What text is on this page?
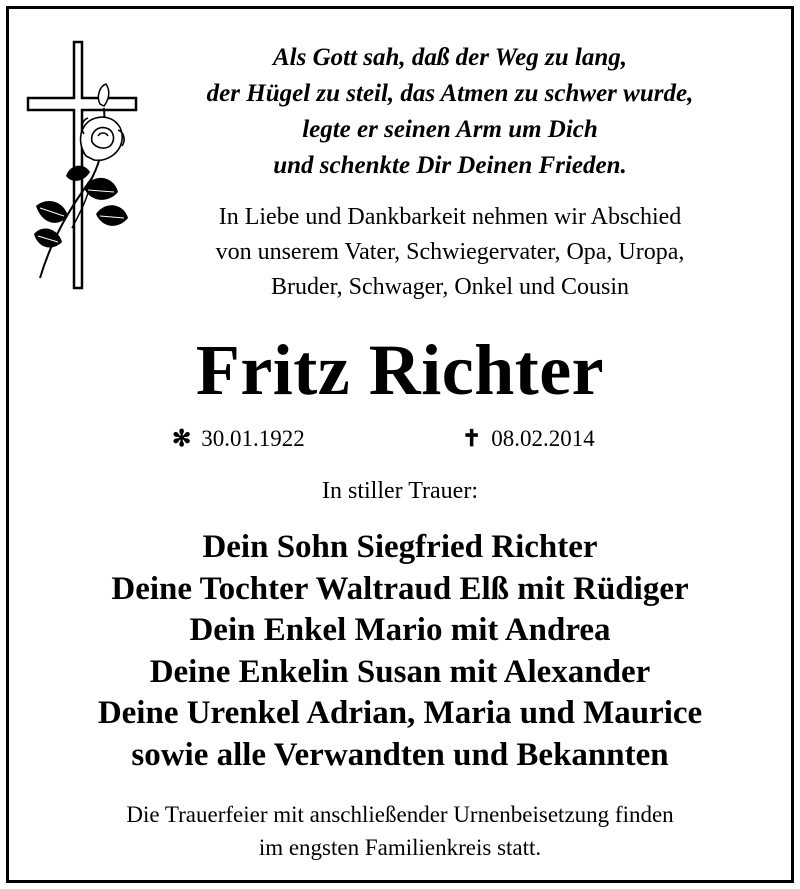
Als Gott sah, daß der Weg zu lang,
der Hügel zu steil, das Atmen zu schwer wurde,
legte er seinen Arm um Dich
und schenkte Dir Deinen Frieden.
In Liebe und Dankbarkeit nehmen wir Abschied
von unserem Vater, Schwiegervater, Opa, Uropa,
Bruder, Schwager, Onkel und Cousin
Fritz Richter
✻ 30.01.1922	✝ 08.02.2014
In stiller Trauer:
Dein Sohn Siegfried Richter
Deine Tochter Waltraud Elß mit Rüdiger
Dein Enkel Mario mit Andrea
Deine Enkelin Susan mit Alexander
Deine Urenkel Adrian, Maria und Maurice
sowie alle Verwandten und Bekannten
Die Trauerfeier mit anschließender Urnenbeisetzung finden
im engsten Familienkreis statt.
